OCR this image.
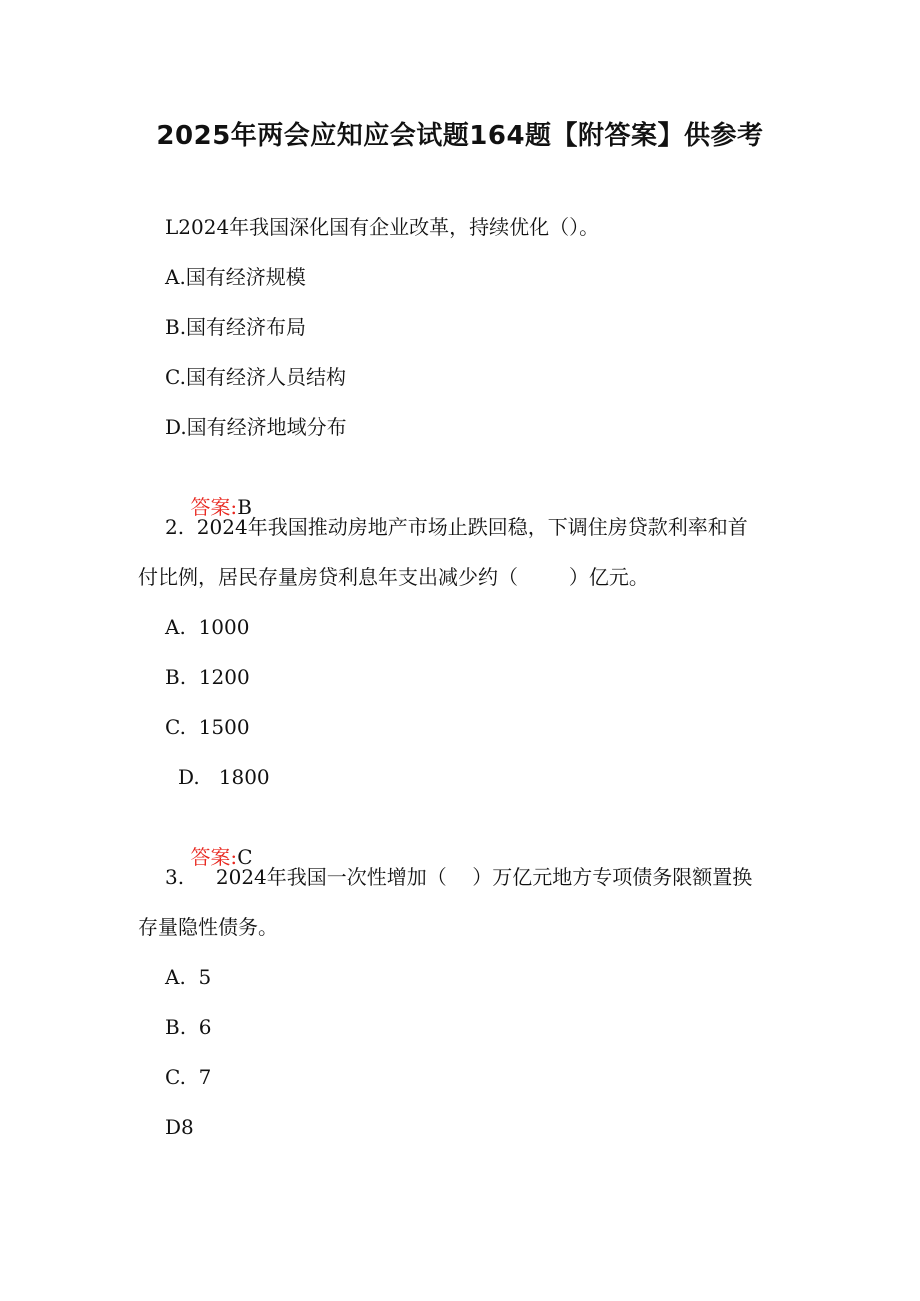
2025年两会应知应会试题164题【附答案】供参考
L2024年我国深化国有企业改革，持续优化（）。
A.国有经济规模
B.国有经济布局
C.国有经济人员结构
D.国有经济地域分布

答案:B

2.  2024年我国推动房地产市场止跌回稳，下调住房贷款利率和首
付比例，居民存量房贷利息年支出减少约（        ）亿元。
A.  1000
B.  1200
C.  1500
D.   1800

答案:C

3.     2024年我国一次性增加（    ）万亿元地方专项债务限额置换
存量隐性债务。
A.  5
B.  6
C.  7
D8
